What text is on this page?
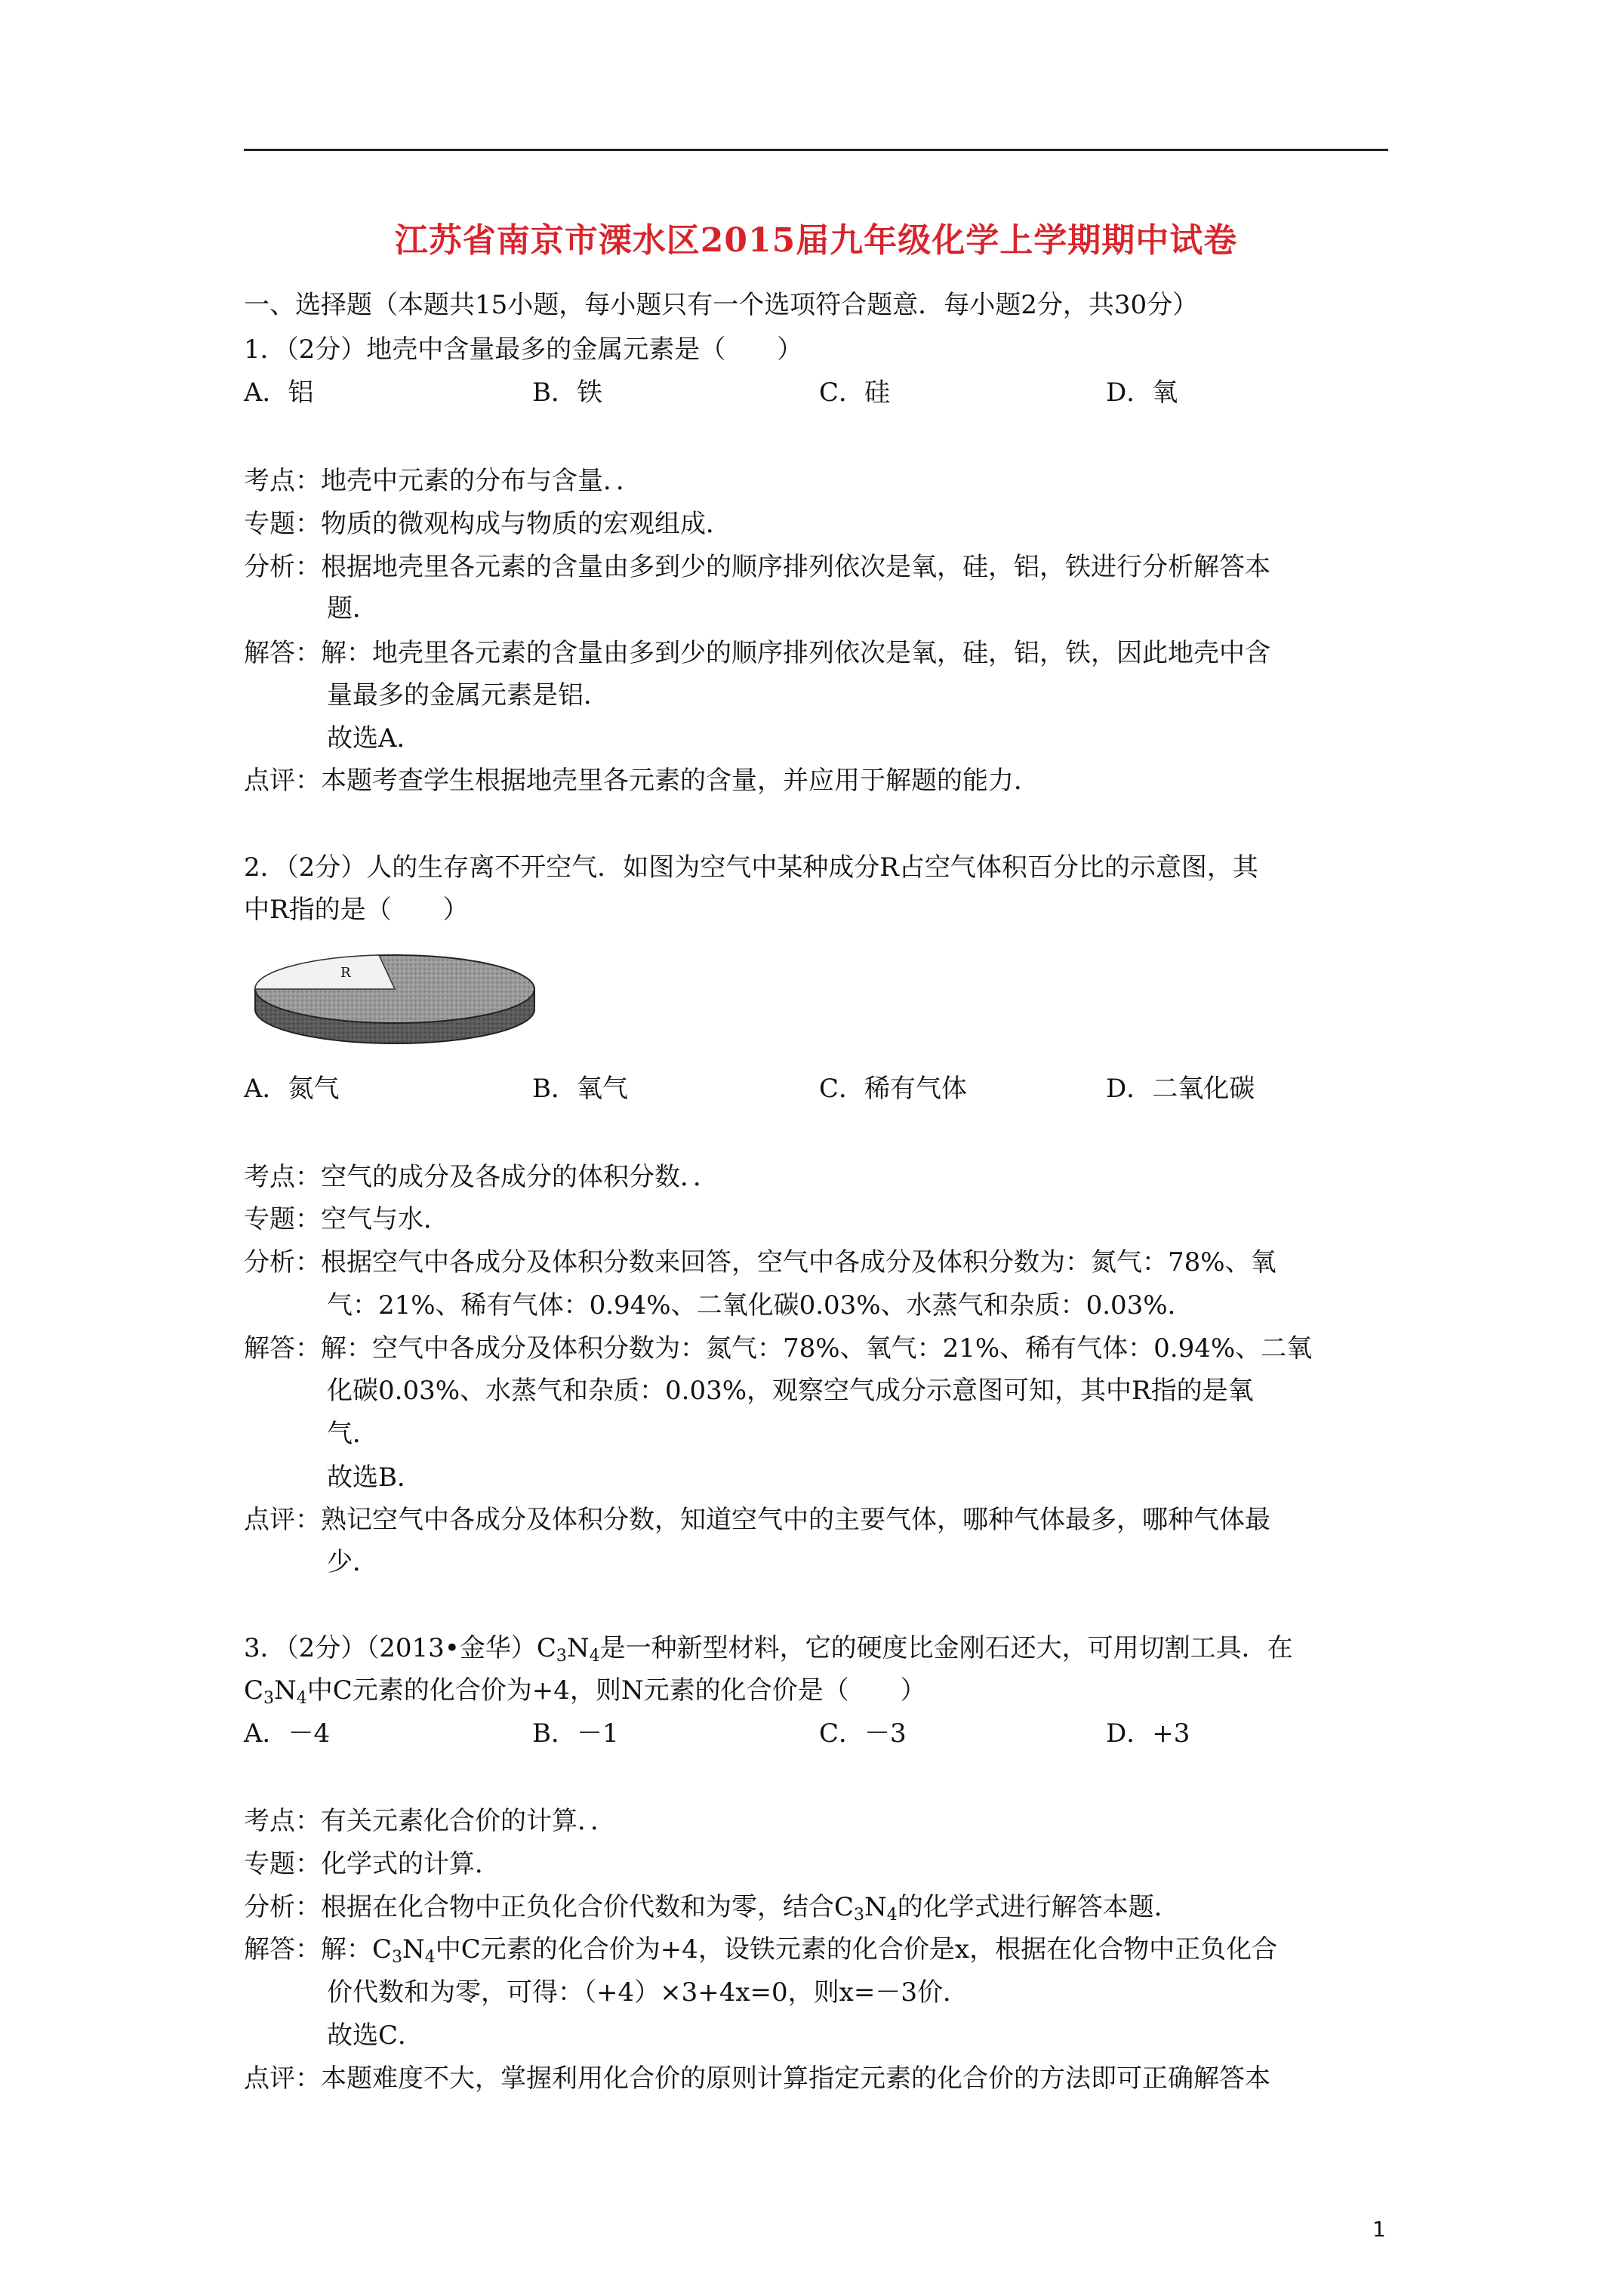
江苏省南京市溧水区2015届九年级化学上学期期中试卷
一、选择题（本题共15小题，每小题只有一个选项符合题意．每小题2分，共30分）
1．（2分）地壳中含量最多的金属元素是（　　）
A．铝	B．铁	C．硅	D．氧
考点：地壳中元素的分布与含量．．
专题：物质的微观构成与物质的宏观组成．
分析：根据地壳里各元素的含量由多到少的顺序排列依次是氧，硅，铝，铁进行分析解答本
题．
解答：解：地壳里各元素的含量由多到少的顺序排列依次是氧，硅，铝，铁，因此地壳中含
量最多的金属元素是铝．
故选A．
点评：本题考查学生根据地壳里各元素的含量，并应用于解题的能力．
2．（2分）人的生存离不开空气．如图为空气中某种成分R占空气体积百分比的示意图，其
中R指的是（　　）
R
A．氮气	B．氧气	C．稀有气体	D．二氧化碳
考点：空气的成分及各成分的体积分数．．
专题：空气与水．
分析：根据空气中各成分及体积分数来回答，空气中各成分及体积分数为：氮气：78%、氧
气：21%、稀有气体：0.94%、二氧化碳0.03%、水蒸气和杂质：0.03%．
解答：解：空气中各成分及体积分数为：氮气：78%、氧气：21%、稀有气体：0.94%、二氧
化碳0.03%、水蒸气和杂质：0.03%，观察空气成分示意图可知，其中R指的是氧
气．
故选B．
点评：熟记空气中各成分及体积分数，知道空气中的主要气体，哪种气体最多，哪种气体最
少．
3．（2分）（2013•金华）$C_3N_4$是一种新型材料，它的硬度比金刚石还大，可用切割工具．在
$C_3N_4$中C元素的化合价为+4，则N元素的化合价是（　　）
A．－4	B．－1	C．－3	D．+3
考点：有关元素化合价的计算．．
专题：化学式的计算．
分析：根据在化合物中正负化合价代数和为零，结合$C_3N_4$的化学式进行解答本题．
解答：解：$C_3N_4$中C元素的化合价为+4，设铁元素的化合价是x，根据在化合物中正负化合
价代数和为零，可得：（+4）×3+4x=0，则x=－3价．
故选C．
点评：本题难度不大，掌握利用化合价的原则计算指定元素的化合价的方法即可正确解答本
1
